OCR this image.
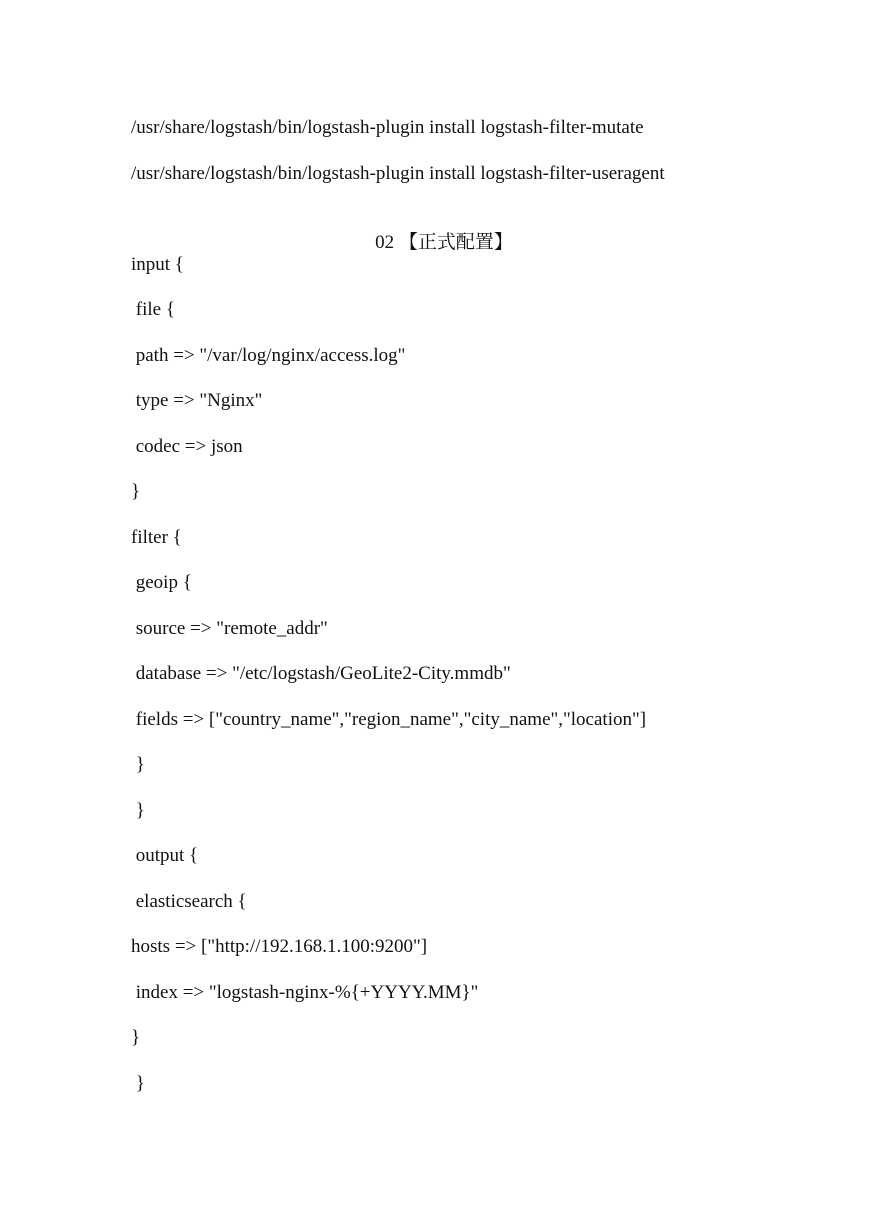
/usr/share/logstash/bin/logstash-plugin install logstash-filter-mutate
/usr/share/logstash/bin/logstash-plugin install logstash-filter-useragent

02 【正式配置】

input {
file {
path => "/var/log/nginx/access.log"
type => "Nginx"
codec => json
}
filter {
geoip {
source => "remote_addr"
database => "/etc/logstash/GeoLite2-City.mmdb"
fields => ["country_name","region_name","city_name","location"]
}
}
output {
elasticsearch {
hosts => ["http://192.168.1.100:9200"]
index => "logstash-nginx-%{+YYYY.MM}"
}
}
